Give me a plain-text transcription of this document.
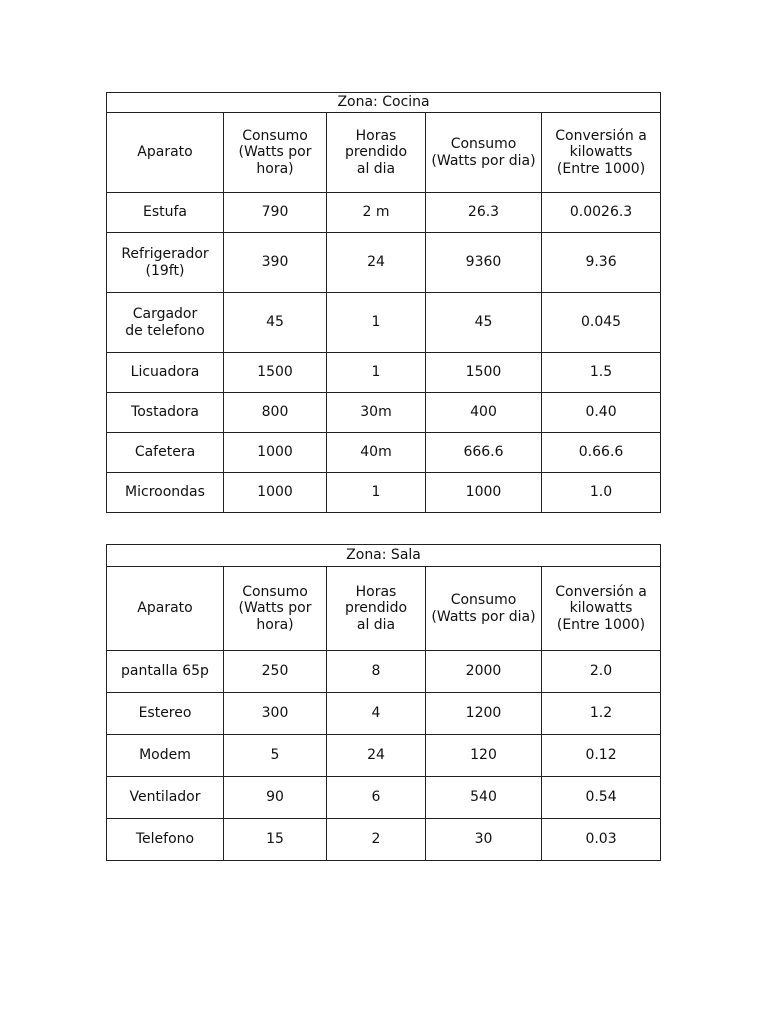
Zona: Cocina				
Aparato	Consumo
(Watts por
hora)	Horas
prendido
al dia	Consumo
(Watts por dia)	Conversión a
kilowatts
(Entre 1000)
Estufa	790	2 m	26.3	0.0026.3
Refrigerador
(19ft)	390	24	9360	9.36
Cargador
de telefono	45	1	45	0.045
Licuadora	1500	1	1500	1.5
Tostadora	800	30m	400	0.40
Cafetera	1000	40m	666.6	0.66.6
Microondas	1000	1	1000	1.0
Zona: Sala				
Aparato	Consumo
(Watts por
hora)	Horas
prendido
al dia	Consumo
(Watts por dia)	Conversión a
kilowatts
(Entre 1000)
pantalla 65p	250	8	2000	2.0
Estereo	300	4	1200	1.2
Modem	5	24	120	0.12
Ventilador	90	6	540	0.54
Telefono	15	2	30	0.03
